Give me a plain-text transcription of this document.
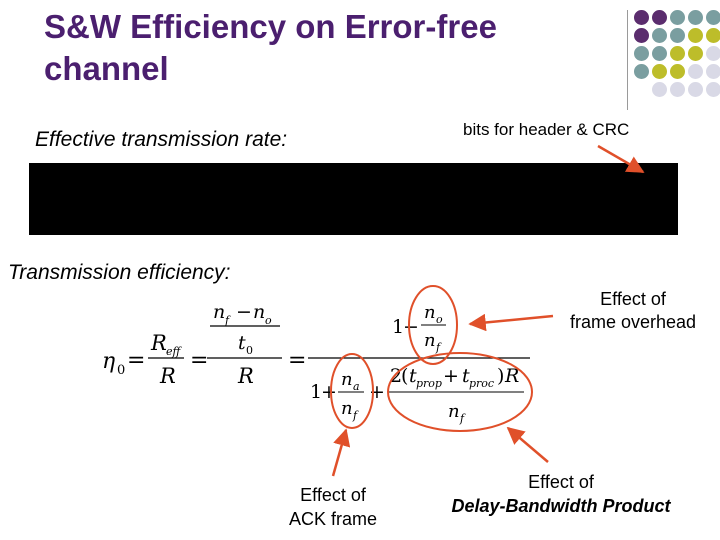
S&W Efficiency on Error-free
channel
Effective transmission rate:	bits for header & CRC
Transmission efficiency:
Effect of
frame overhead
Effect of
ACK frame
Effect of
Delay-Bandwidth Product
η 0 =
R eff
R
=
n f − n o
t 0
R
=
1
−
n o
n f
1
+
n a
n f
+
2
( t prop + t proc ) R
n f
